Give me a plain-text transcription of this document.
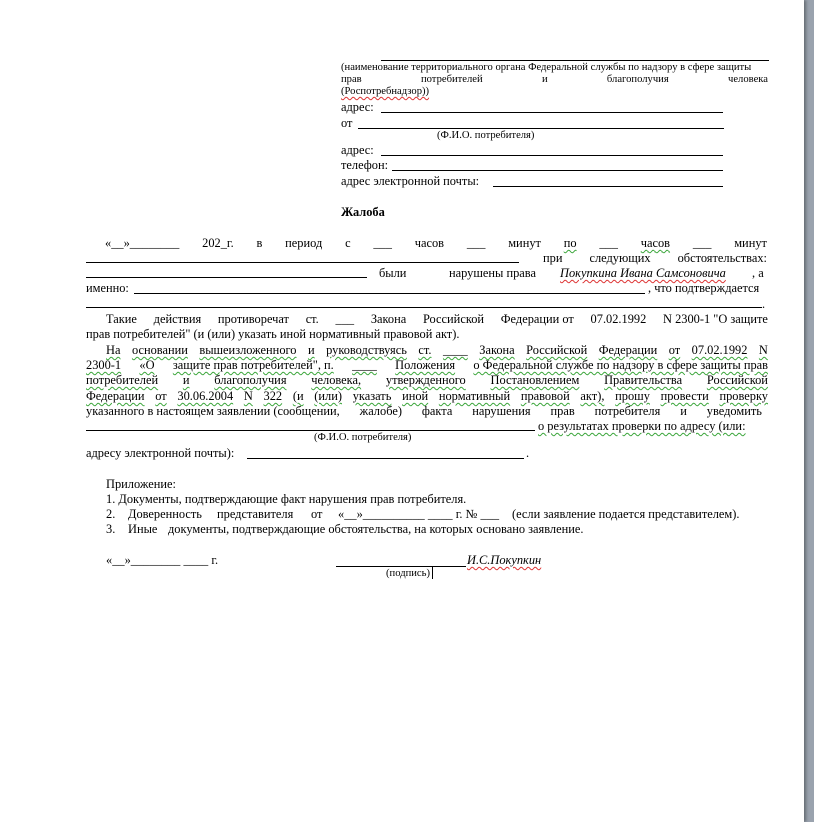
(наименование территориального органа Федеральной службы по надзору в сфере защиты
прав	потребителей	и	благополучия	человека
(Роспотребнадзор))
адрес:
от
(Ф.И.О. потребителя)
адрес:
телефон:
адрес электронной почты:
Жалоба
«__»________ 202_г. в период с ___ часов ___ минут по ___ часов ___ минут
при следующих обстоятельствах:
были	нарушены права Покупкина Ивана Самсоновича , а
именно:	, что подтверждается
.
Такие действия противоречат ст. ___ Закона Российской Федерации от 07.02.1992 N 2300-1 "О защите
прав потребителей" (и (или) указать иной нормативный правовой акт).
На основании вышеизложенного и руководствуясь ст. ____ Закона Российской Федерации от 07.02.1992 N
2300-1 «О защите прав потребителей", п. ____ Положения о Федеральной службе по надзору в сфере защиты прав
потребителей и благополучия человека, утвержденного Постановлением Правительства Российской
Федерации от 30.06.2004 N 322 (и (или) указать иной нормативный правовой акт), прошу провести проверку
указанного в настоящем заявлении (сообщении, жалобе) факта нарушения прав потребителя и уведомить
о результатах проверки по адресу (или:
(Ф.И.О. потребителя)
адресу электронной почты):	.
Приложение:
1. Документы, подтверждающие факт нарушения прав потребителя.
2. Доверенность представителя от «__»__________ ____ г. № ___ (если заявление подается представителем).
3. Иные документы, подтверждающие обстоятельства, на которых основано заявление.
«__»________ ____ г.	И.С.Покупкин
(подпись)
